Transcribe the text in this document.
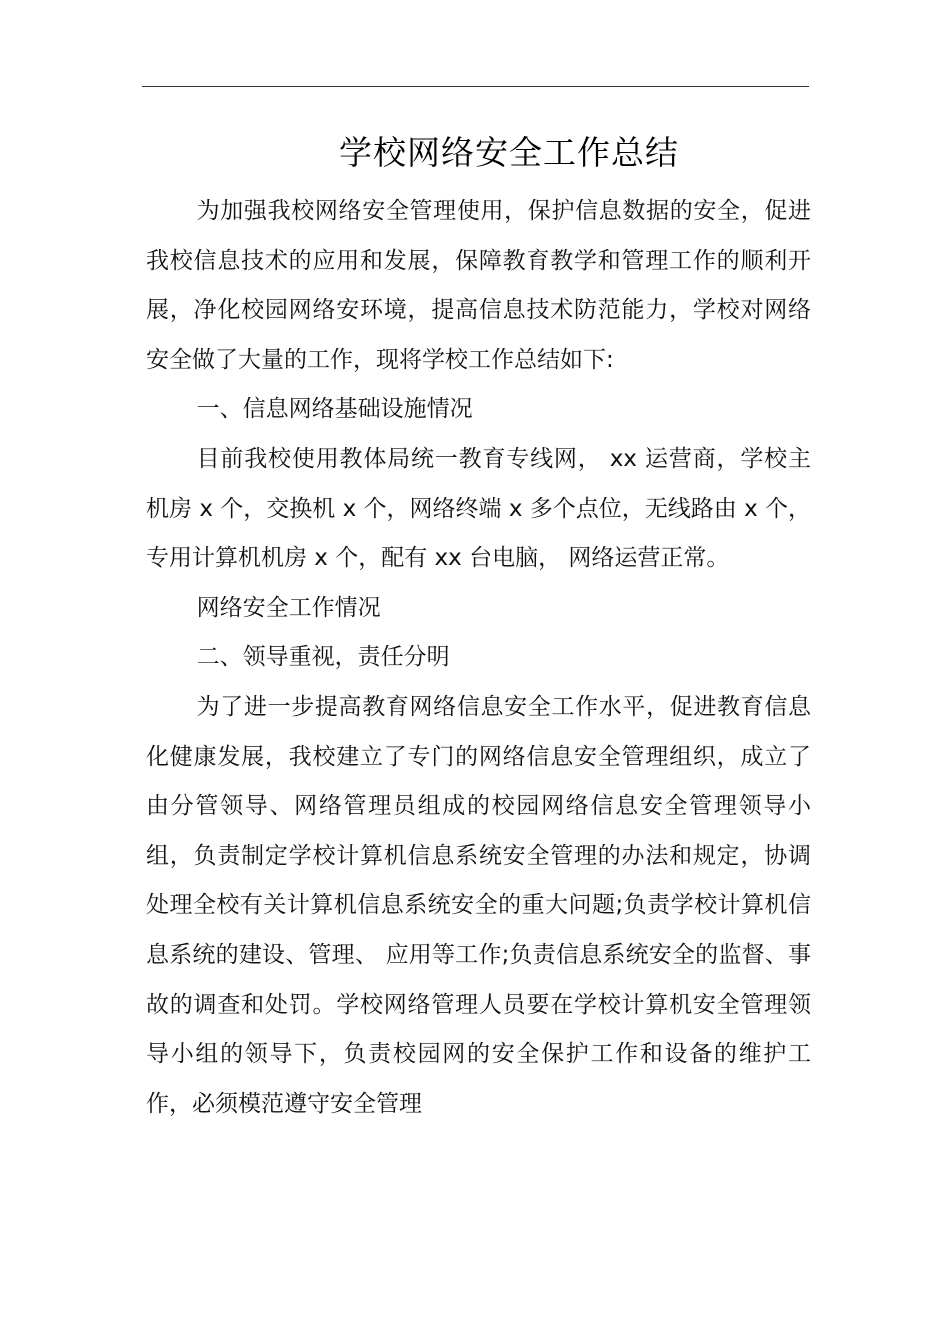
学校网络安全工作总结

为加强我校网络安全管理使用，保护信息数据的安全，促进我校信息技术的应用和发展，保障教育教学和管理工作的顺利开展，净化校园网络安环境，提高信息技术防范能力，学校对网络安全做了大量的工作，现将学校工作总结如下:

一、信息网络基础设施情况

目前我校使用教体局统一教育专线网， xx 运营商，学校主机房 x 个，交换机 x 个，网络终端 x 多个点位，无线路由 x 个，专用计算机机房 x 个，配有 xx 台电脑， 网络运营正常。

网络安全工作情况

二、领导重视，责任分明

为了进一步提高教育网络信息安全工作水平，促进教育信息化健康发展，我校建立了专门的网络信息安全管理组织，成立了由分管领导、网络管理员组成的校园网络信息安全管理领导小组，负责制定学校计算机信息系统安全管理的办法和规定，协调处理全校有关计算机信息系统安全的重大问题;负责学校计算机信息系统的建设、管理、 应用等工作;负责信息系统安全的监督、事故的调查和处罚。学校网络管理人员要在学校计算机安全管理领导小组的领导下，负责校园网的安全保护工作和设备的维护工作，必须模范遵守安全管理
